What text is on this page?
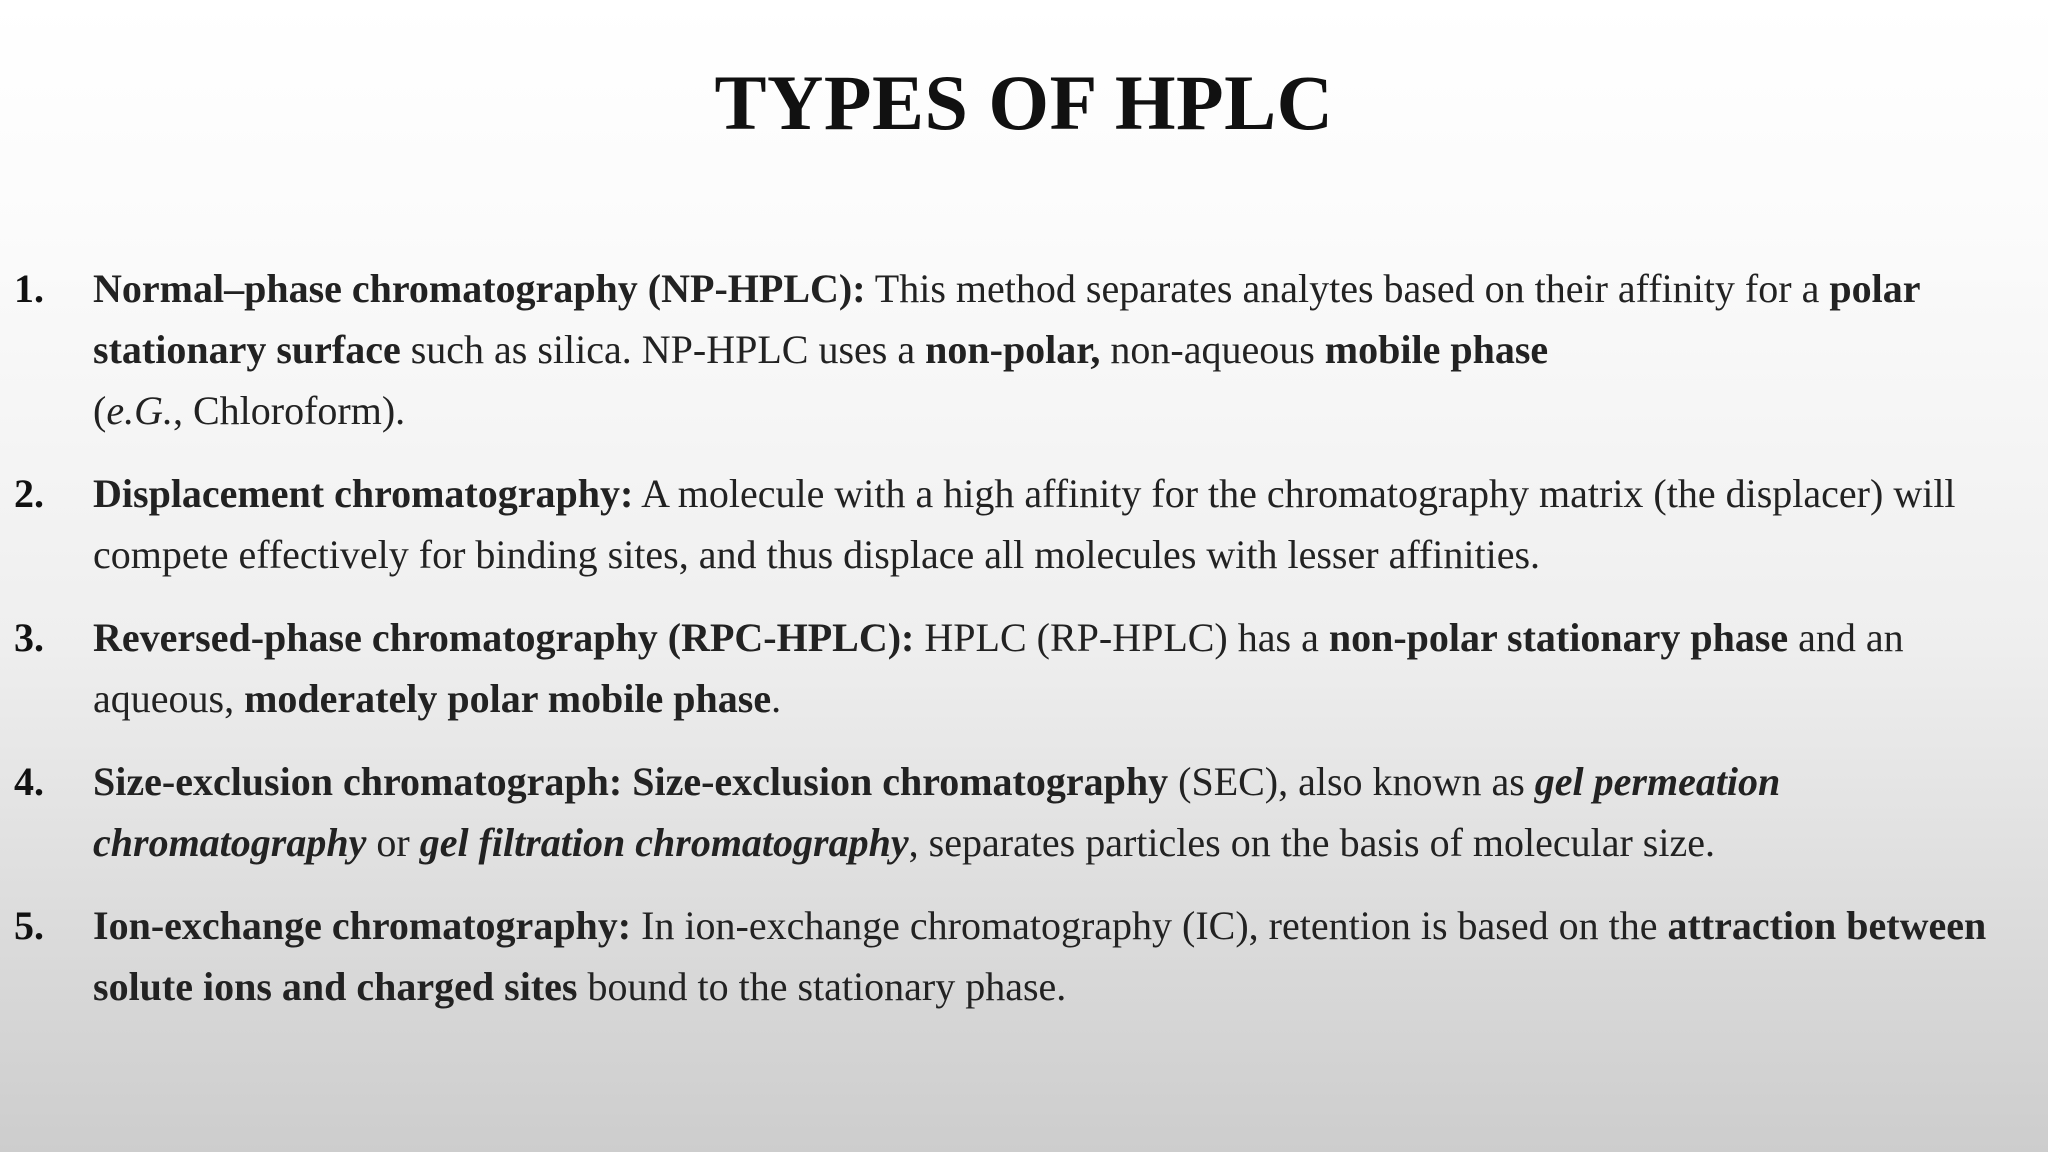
TYPES OF HPLC
1. Normal–phase chromatography (NP-HPLC): This method separates analytes based on their affinity for a polar stationary surface such as silica. NP-HPLC uses a non-polar, non-aqueous mobile phase
(e.G., Chloroform).
2. Displacement chromatography: A molecule with a high affinity for the chromatography matrix (the displacer) will compete effectively for binding sites, and thus displace all molecules with lesser affinities.
3. Reversed-phase chromatography (RPC-HPLC): HPLC (RP-HPLC) has a non-polar stationary phase and an aqueous, moderately polar mobile phase.
4. Size-exclusion chromatograph: Size-exclusion chromatography (SEC), also known as gel permeation chromatography or gel filtration chromatography, separates particles on the basis of molecular size.
5. Ion-exchange chromatography: In ion-exchange chromatography (IC), retention is based on the attraction between solute ions and charged sites bound to the stationary phase.
